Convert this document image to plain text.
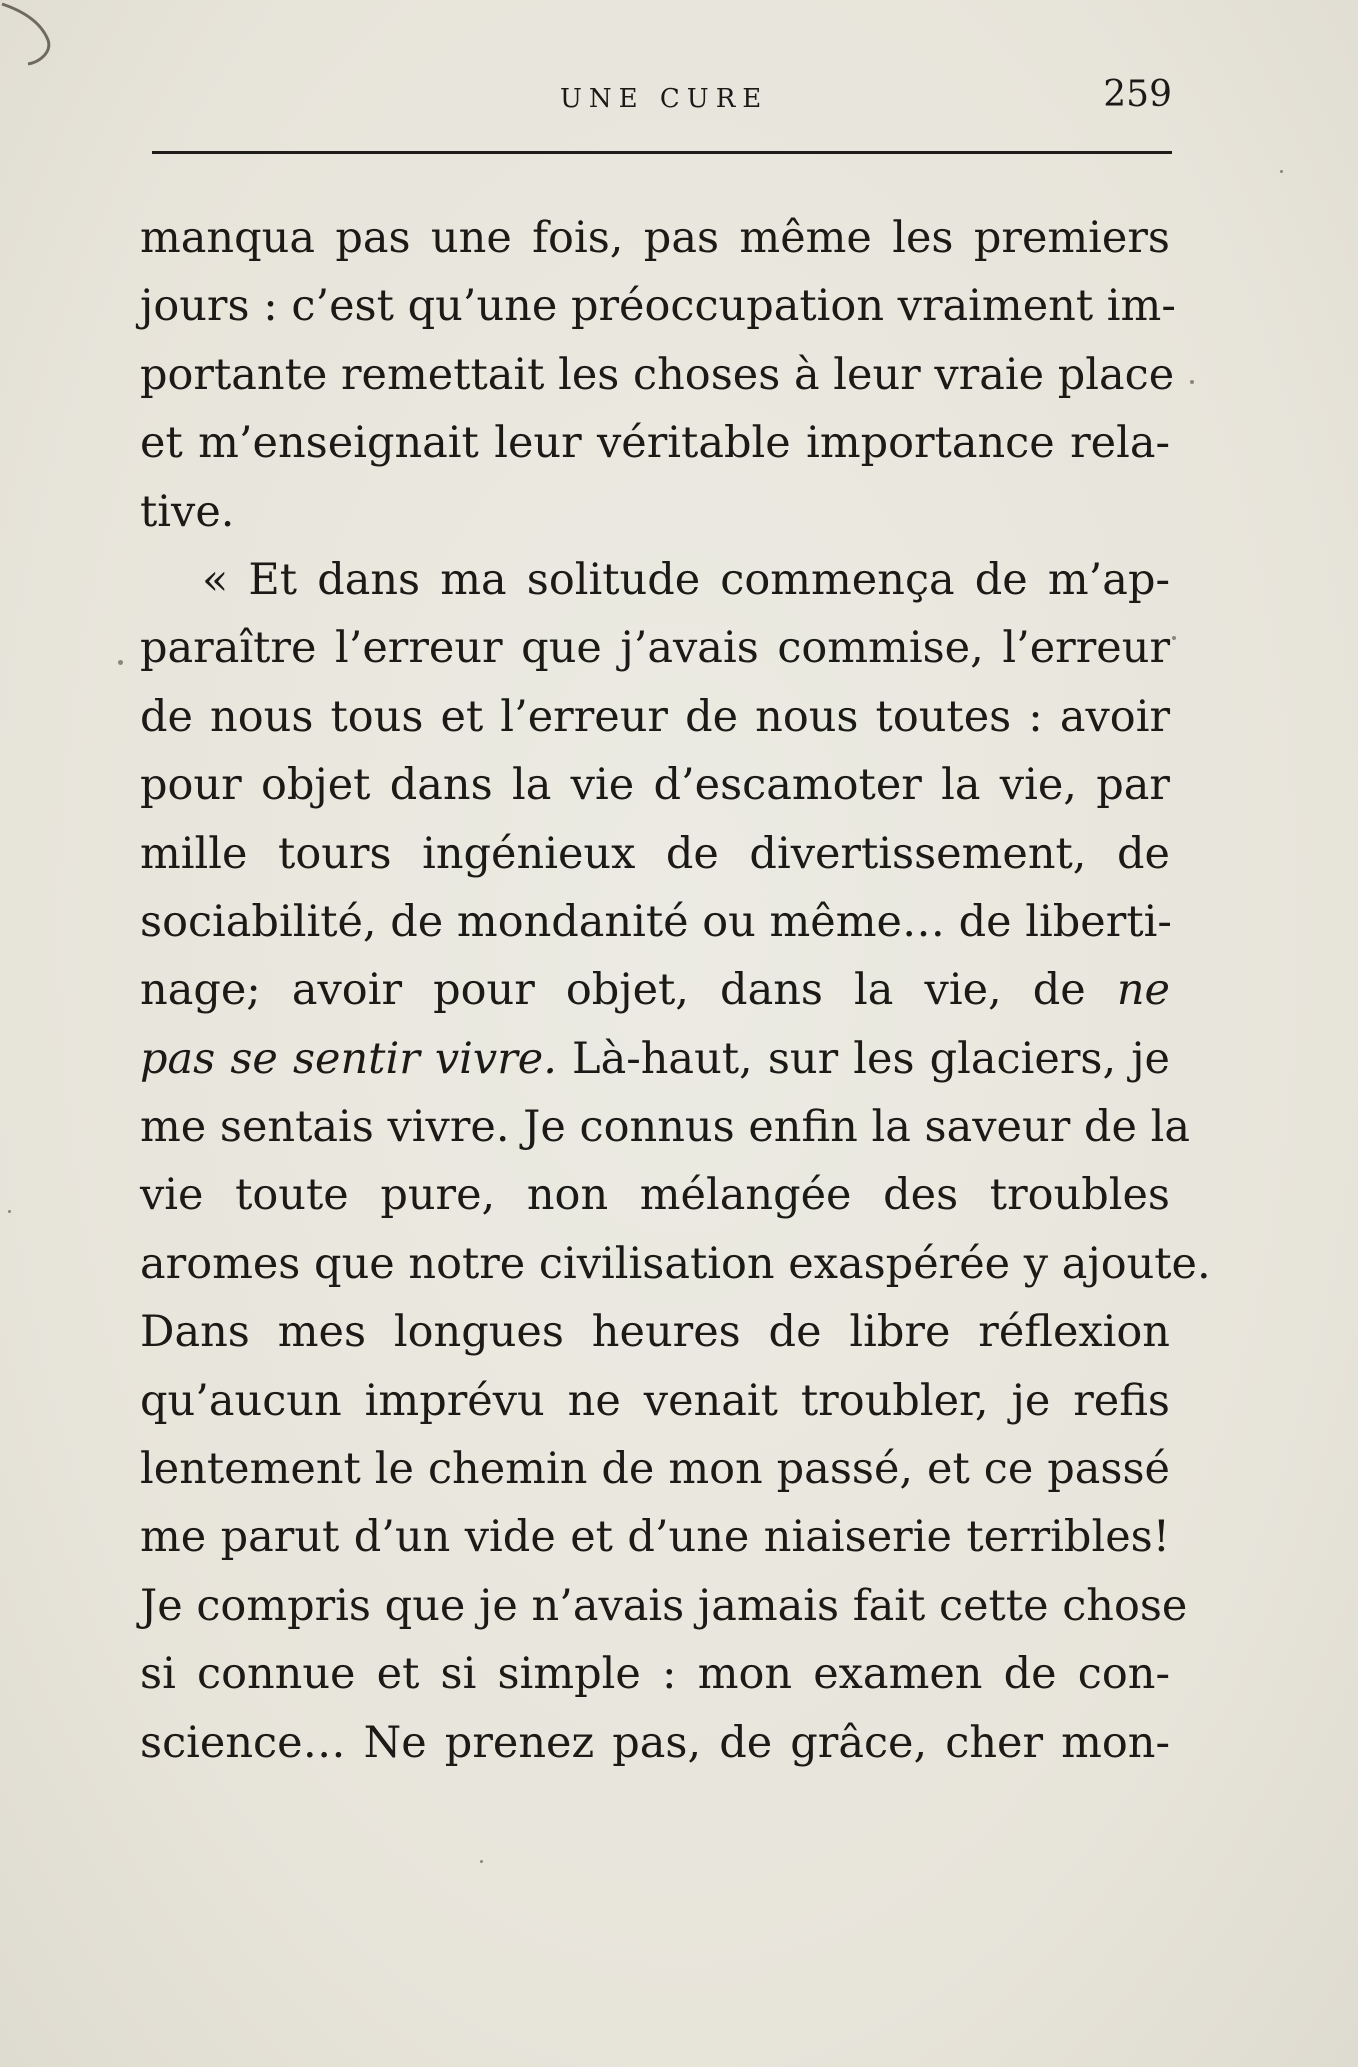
UNE CURE	259
manqua pas une fois, pas même les premiers
jours : c’est qu’une préoccupation vraiment im-
portante remettait les choses à leur vraie place
et m’enseignait leur véritable importance rela-
tive.
« Et dans ma solitude commença de m’ap-
paraître l’erreur que j’avais commise, l’erreur
de nous tous et l’erreur de nous toutes : avoir
pour objet dans la vie d’escamoter la vie, par
mille tours ingénieux de divertissement, de
sociabilité, de mondanité ou même… de liberti-
nage; avoir pour objet, dans la vie, de ne
pas se sentir vivre. Là-haut, sur les glaciers, je
me sentais vivre. Je connus enfin la saveur de la
vie toute pure, non mélangée des troubles
aromes que notre civilisation exaspérée y ajoute.
Dans mes longues heures de libre réflexion
qu’aucun imprévu ne venait troubler, je refis
lentement le chemin de mon passé, et ce passé
me parut d’un vide et d’une niaiserie terribles!
Je compris que je n’avais jamais fait cette chose
si connue et si simple : mon examen de con-
science… Ne prenez pas, de grâce, cher mon-
